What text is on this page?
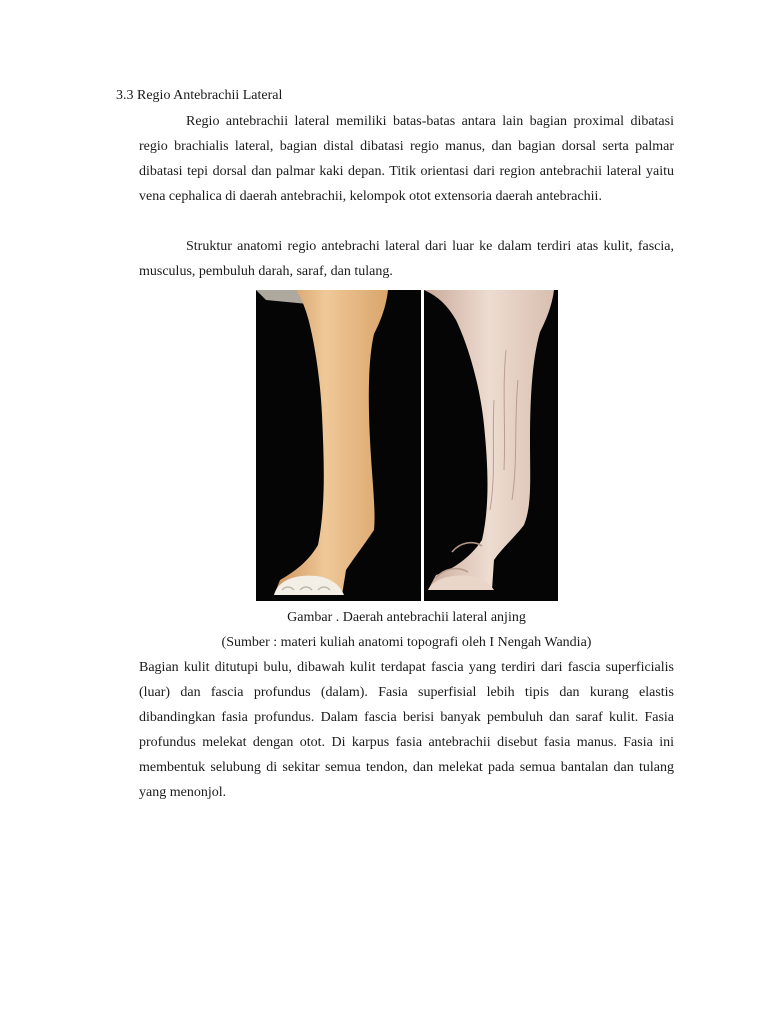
3.3 Regio Antebrachii Lateral

Regio antebrachii lateral memiliki batas-batas antara lain bagian proximal dibatasi regio brachialis lateral, bagian distal dibatasi regio manus, dan bagian dorsal serta palmar dibatasi tepi dorsal dan palmar kaki depan. Titik orientasi dari region antebrachii lateral yaitu vena cephalica di daerah antebrachii, kelompok otot extensoria daerah antebrachii.

Struktur anatomi regio antebrachi lateral dari luar ke dalam terdiri atas kulit, fascia, musculus, pembuluh darah, saraf, dan tulang.

Gambar . Daerah antebrachii lateral anjing
(Sumber : materi kuliah anatomi topografi oleh I Nengah Wandia)

Bagian kulit ditutupi bulu, dibawah kulit terdapat fascia yang terdiri dari fascia superficialis (luar) dan fascia profundus (dalam). Fasia superfisial lebih tipis dan kurang elastis dibandingkan fasia profundus. Dalam fascia berisi banyak pembuluh dan saraf kulit. Fasia profundus melekat dengan otot. Di karpus fasia antebrachii disebut fasia manus. Fasia ini membentuk selubung di sekitar semua tendon, dan melekat pada semua bantalan dan tulang yang menonjol.
